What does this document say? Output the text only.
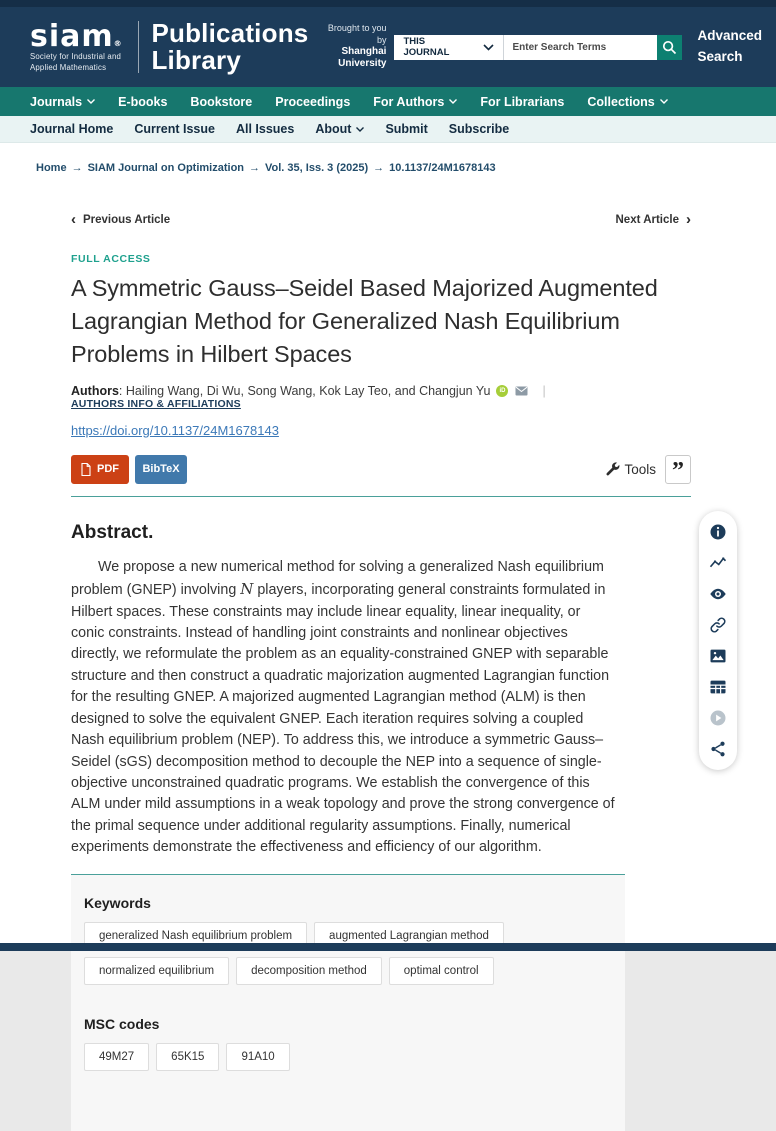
siam®
Society for Industrial and
Applied Mathematics
Publications
Library
Brought to you by
Shanghai
University
THIS JOURNAL
Enter Search Terms
Advanced
Search
Journals	E-books Bookstore Proceedings For Authors	For Librarians Collections
Journal Home Current Issue All Issues About	Submit Subscribe
Home → SIAM Journal on Optimization → Vol. 35, Iss. 3 (2025) → 10.1137/24M1678143
‹ Previous Article	Next Article ›
FULL ACCESS
A Symmetric Gauss–Seidel Based Majorized Augmented Lagrangian Method for Generalized Nash Equilibrium Problems in Hilbert Spaces
Authors : Hailing Wang, Di Wu, Song Wang, Kok Lay Teo, and Changjun Yu	iD	|
AUTHORS INFO & AFFILIATIONS
https://doi.org/10.1137/24M1678143
PDF BibTeX	Tools ”
Abstract.

We propose a new numerical method for solving a generalized Nash equilibrium problem (GNEP) involving N players, incorporating general constraints formulated in Hilbert spaces. These constraints may include linear equality, linear inequality, or conic constraints. Instead of handling joint constraints and nonlinear objectives directly, we reformulate the problem as an equality-constrained GNEP with separable structure and then construct a quadratic majorization augmented Lagrangian function for the resulting GNEP. A majorized augmented Lagrangian method (ALM) is then designed to solve the equivalent GNEP. Each iteration requires solving a coupled Nash equilibrium problem (NEP). To address this, we introduce a symmetric Gauss–Seidel (sGS) decomposition method to decouple the NEP into a sequence of single-objective unconstrained quadratic programs. We establish the convergence of this ALM under mild assumptions in a weak topology and prove the strong convergence of the primal sequence under additional regularity assumptions. Finally, numerical experiments demonstrate the effectiveness and efficiency of our algorithm.

Keywords
generalized Nash equilibrium problem	augmented Lagrangian method
normalized equilibrium	decomposition method	optimal control
MSC codes
49M27	65K15	91A10
